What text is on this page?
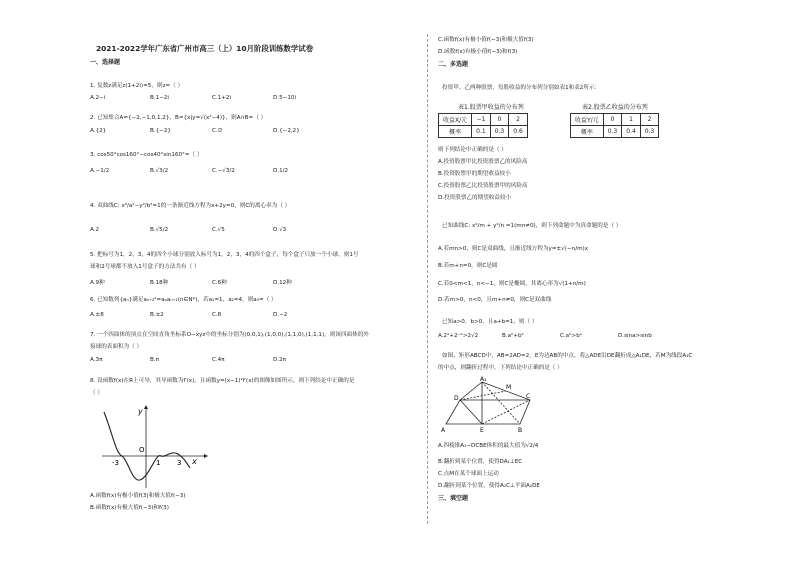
2021-2022学年广东省广州市高三（上）10月阶段训练数学试卷
一、选择题
1. 复数z满足z(1+2i)=5，则z=（ ）
A.2−i	B.1−2i	C.1+2i	D.5−10i
2. 已知集合A={−2,−1,0,1,2}，B={x|y=√(x²−4)}，则A∩B=（ ）
A.{2}	B.{−2}	C.∅	D.{−2,2}
3. cos50°cos160°−cos40°sin160°=（ ）
A.−1/2	B.√3/2	C.−√3/2	D.1/2
4. 双曲线C: x²/a²−y²/b²=1的一条渐近线方程为x+2y=0，则C的离心率为（ ）
A.2	B.√5/2	C.√5	D.√3
5. 把标号为1，2，3，4的四个小球分别放入标号为1，2，3，4的四个盒子，每个盒子只放一个小球，则1号
球和2号球都不放入1号盒子的方法共有（ ）
A.9种	B.18种	C.6种	D.12种
6. 已知数列{aₙ}满足aₙ₊₂²=aₙaₙ₊₁(n∈N*)，若a₁=1，a₂=4，则a₅=（ ）
A.±8	B.±2	C.8	D.−2
7. 一个四面体的顶点在空间直角坐标系O−xyz中的坐标分别为(0,0,1),(1,0,0),(1,1,0),(1,1,1)，则该四面体的外
接球的表面积为（ ）
A.3π	B.π	C.4π	D.2π
8. 设函数f(x)在R上可导，其导函数为f′(x)，且函数y=(x−1)²f′(x)的图像如图所示，则下列结论中正确的是
（ ）
y
x
O
-3	1 3
A.函数f(x)有极小值f(3)和极大值f(−3)
B.函数f(x)有极大值f(−3)和f(3)
C.函数f(x)有极小值f(−3)和极大值f(3)
D.函数f(x)有极小值f(−3)和f(3)
二、多选题
投资甲、乙两种股票，每股收益的分布列分别如表1和表2所示：
表1.股票甲收益的分布列	表2.股票乙收益的分布列
收益X/元	−1	0	2
概率	0.1	0.3	0.6
收益Y/元	0	1	2
概率	0.3	0.4	0.3
则下列结论中正确的是（ ）
A.投资股票甲比投资股票乙的风险高
B.投资股票甲的期望收益较小
C.投资股票乙比投资股票甲的风险高
D.投资股票乙的期望收益较小
已知曲线C: x²/m + y²/n =1(mn≠0)，则下列命题中为真命题的是（ ）
A.若mn>0，则C是双曲线，且渐近线方程为y=±√(−n/m)x
B.若m+n=0，则C是圆
C.若0<m<1，n<−1，则C是椭圆，其离心率为√(1+n/m)
D.若m>0，n<0，且m+n≠0，则C是双曲线
已知a>0，b>0，且a+b=1，则（ ）
A.2ᵃ+2⁻ᵇ>2√2	B.a²+b²	C.aᵇ>bᵃ	D.sina>sinb
如图，矩形ABCD中，AB=2AD=2，E为边AB的中点，将△ADE沿DE翻折成△A₁DE，若M为线段A₁C
的中点，则翻折过程中，下列结论中正确的是（ ）
A	E	B
C
D
M
A₁
A.四棱锥A₁−DCBE体积的最大值为√2/4
B.翻折到某个位置，使得DA₁⊥EC
C.点M在某个球面上运动
D.翻折到某个位置，使得A₁C⊥平面A₁DE
三、填空题
